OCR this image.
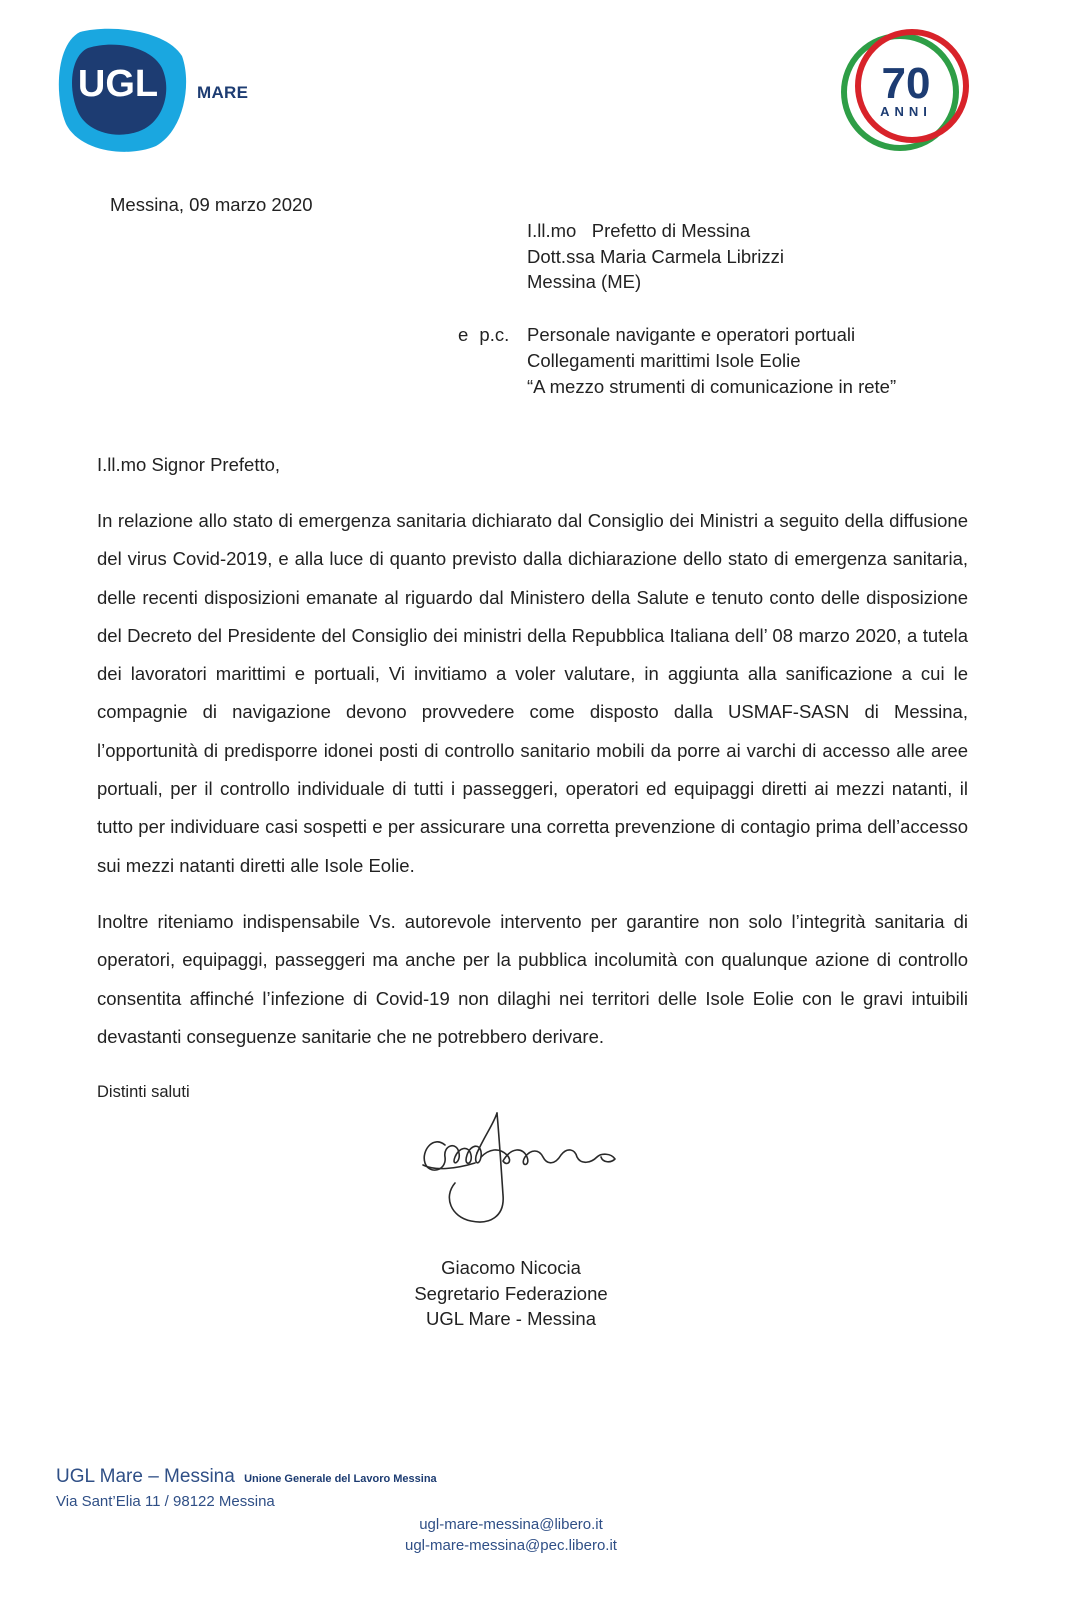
UGL MARE	70
ANNI
Messina, 09 marzo 2020
I.ll.mo   Prefetto di Messina
Dott.ssa Maria Carmela Librizzi
Messina (ME)
e p.c. Personale navigante e operatori portuali
Collegamenti marittimi Isole Eolie
“A mezzo strumenti di comunicazione in rete”
I.ll.mo Signor Prefetto,

In relazione allo stato di emergenza sanitaria dichiarato dal Consiglio dei Ministri a seguito della diffusione del virus Covid-2019, e alla luce di quanto previsto dalla dichiarazione dello stato di emergenza sanitaria, delle recenti disposizioni emanate al riguardo dal Ministero della Salute e tenuto conto delle disposizione del Decreto del Presidente del Consiglio dei ministri della Repubblica Italiana dell’ 08 marzo 2020, a tutela dei lavoratori marittimi e portuali, Vi invitiamo a voler valutare, in aggiunta alla sanificazione a cui le compagnie di navigazione devono provvedere come disposto dalla USMAF-SASN di Messina, l’opportunità di predisporre idonei posti di controllo sanitario mobili da porre ai varchi di accesso alle aree portuali, per il controllo individuale di tutti i passeggeri, operatori ed equipaggi diretti ai mezzi natanti, il tutto per individuare casi sospetti e per assicurare una corretta prevenzione di contagio prima dell’accesso sui mezzi natanti diretti alle Isole Eolie.

Inoltre riteniamo indispensabile Vs. autorevole intervento per garantire non solo l’integrità sanitaria di operatori, equipaggi, passeggeri ma anche per la pubblica incolumità con qualunque azione di controllo consentita affinché l’infezione di Covid-19 non dilaghi nei territori delle Isole Eolie con le gravi intuibili devastanti conseguenze sanitarie che ne potrebbero derivare.

Distinti saluti
Giacomo Nicocia
Segretario Federazione
UGL Mare - Messina
UGL Mare – Messina Unione Generale del Lavoro Messina
Via Sant’Elia 11 / 98122 Messina
ugl-mare-messina@libero.it
ugl-mare-messina@pec.libero.it
